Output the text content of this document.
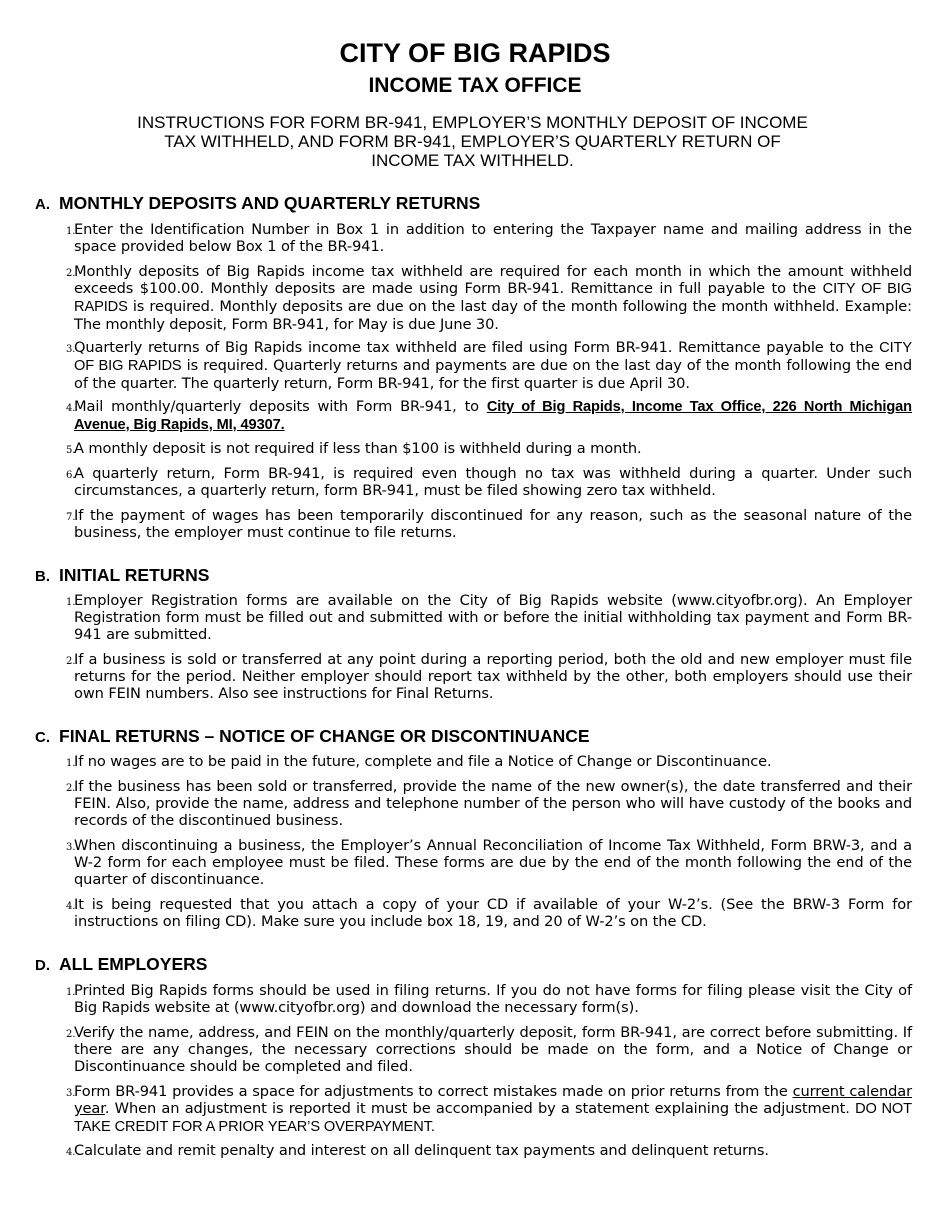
CITY OF BIG RAPIDS
INCOME TAX OFFICE

INSTRUCTIONS FOR FORM BR-941, EMPLOYER’S MONTHLY DEPOSIT OF INCOME
TAX WITHHELD, AND FORM BR-941, EMPLOYER’S QUARTERLY RETURN OF
INCOME TAX WITHHELD.

A. MONTHLY DEPOSITS AND QUARTERLY RETURNS

1.
Enter the Identification Number in Box 1 in addition to entering the Taxpayer name and mailing address in the space provided below Box 1 of the BR-941.

2.
Monthly deposits of Big Rapids income tax withheld are required for each month in which the amount withheld exceeds $100.00. Monthly deposits are made using Form BR-941. Remittance in full payable to the CITY OF BIG RAPIDS is required. Monthly deposits are due on the last day of the month following the month withheld. Example: The monthly deposit, Form BR-941, for May is due June 30.

3.
Quarterly returns of Big Rapids income tax withheld are filed using Form BR-941. Remittance payable to the CITY OF BIG RAPIDS is required. Quarterly returns and payments are due on the last day of the month following the end of the quarter. The quarterly return, Form BR-941, for the first quarter is due April 30.

4.
Mail monthly/quarterly deposits with Form BR-941, to City of Big Rapids, Income Tax Office, 226 North Michigan Avenue, Big Rapids, MI, 49307.

5.
A monthly deposit is not required if less than $100 is withheld during a month.

6.
A quarterly return, Form BR-941, is required even though no tax was withheld during a quarter. Under such circumstances, a quarterly return, form BR-941, must be filed showing zero tax withheld.

7.
If the payment of wages has been temporarily discontinued for any reason, such as the seasonal nature of the business, the employer must continue to file returns.

B. INITIAL RETURNS

1.
Employer Registration forms are available on the City of Big Rapids website (www.cityofbr.org). An Employer Registration form must be filled out and submitted with or before the initial withholding tax payment and Form BR-941 are submitted.

2.
If a business is sold or transferred at any point during a reporting period, both the old and new employer must file returns for the period. Neither employer should report tax withheld by the other, both employers should use their own FEIN numbers. Also see instructions for Final Returns.

C. FINAL RETURNS – NOTICE OF CHANGE OR DISCONTINUANCE

1.
If no wages are to be paid in the future, complete and file a Notice of Change or Discontinuance.

2.
If the business has been sold or transferred, provide the name of the new owner(s), the date transferred and their FEIN. Also, provide the name, address and telephone number of the person who will have custody of the books and records of the discontinued business.

3.
When discontinuing a business, the Employer’s Annual Reconciliation of Income Tax Withheld, Form BRW-3, and a W-2 form for each employee must be filed. These forms are due by the end of the month following the end of the quarter of discontinuance.

4.
It is being requested that you attach a copy of your CD if available of your W-2’s. (See the BRW-3 Form for instructions on filing CD). Make sure you include box 18, 19, and 20 of W-2’s on the CD.

D. ALL EMPLOYERS

1.
Printed Big Rapids forms should be used in filing returns. If you do not have forms for filing please visit the City of Big Rapids website at (www.cityofbr.org) and download the necessary form(s).

2.
Verify the name, address, and FEIN on the monthly/quarterly deposit, form BR-941, are correct before submitting. If there are any changes, the necessary corrections should be made on the form, and a Notice of Change or Discontinuance should be completed and filed.

3.
Form BR-941 provides a space for adjustments to correct mistakes made on prior returns from the current calendar year. When an adjustment is reported it must be accompanied by a statement explaining the adjustment. DO NOT TAKE CREDIT FOR A PRIOR YEAR’S OVERPAYMENT.

4.
Calculate and remit penalty and interest on all delinquent tax payments and delinquent returns.
